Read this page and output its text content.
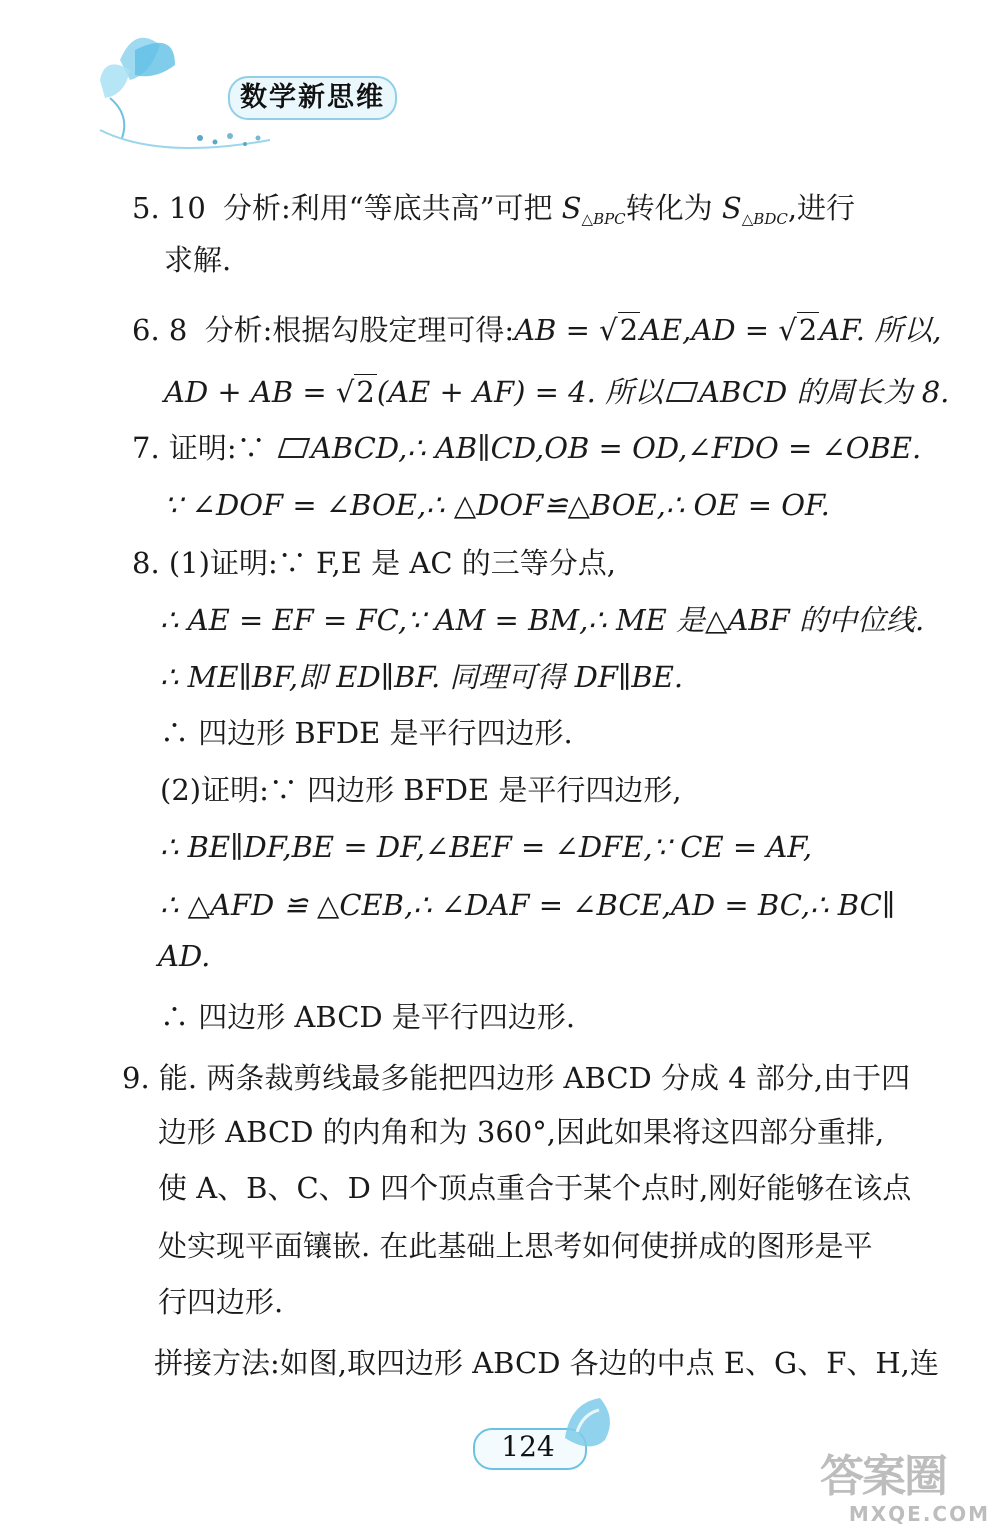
数学新思维
5. 10 分析:利用“等底共高”可把 $S_{\triangle BPC}$转化为 $S_{\triangle BDC}$,进行
求解.
6. 8 分析:根据勾股定理可得:AB = √2AE,AD = √2AF. 所以,
AD + AB = √2(AE + AF) = 4. 所以 ABCD 的周长为 8.
7. 证明:∵ ABCD,∴ AB∥CD,OB = OD,∠FDO = ∠OBE.
∵ ∠DOF = ∠BOE,∴ △DOF≌△BOE,∴ OE = OF.
8. (1)证明:∵ F,E 是 AC 的三等分点,
∴ AE = EF = FC,∵ AM = BM,∴ ME 是△ABF 的中位线.
∴ ME∥BF,即 ED∥BF. 同理可得 DF∥BE.
∴ 四边形 BFDE 是平行四边形.
(2)证明:∵ 四边形 BFDE 是平行四边形,
∴ BE∥DF,BE = DF,∠BEF = ∠DFE,∵ CE = AF,
∴ △AFD ≌ △CEB,∴ ∠DAF = ∠BCE,AD = BC,∴ BC∥
AD.
∴ 四边形 ABCD 是平行四边形.
9. 能. 两条裁剪线最多能把四边形 ABCD 分成 4 部分,由于四
边形 ABCD 的内角和为 360°,因此如果将这四部分重排,
使 A、B、C、D 四个顶点重合于某个点时,刚好能够在该点
处实现平面镶嵌. 在此基础上思考如何使拼成的图形是平
行四边形.
拼接方法:如图,取四边形 ABCD 各边的中点 E、G、F、H,连
124
答案圈
MXQE.COM
